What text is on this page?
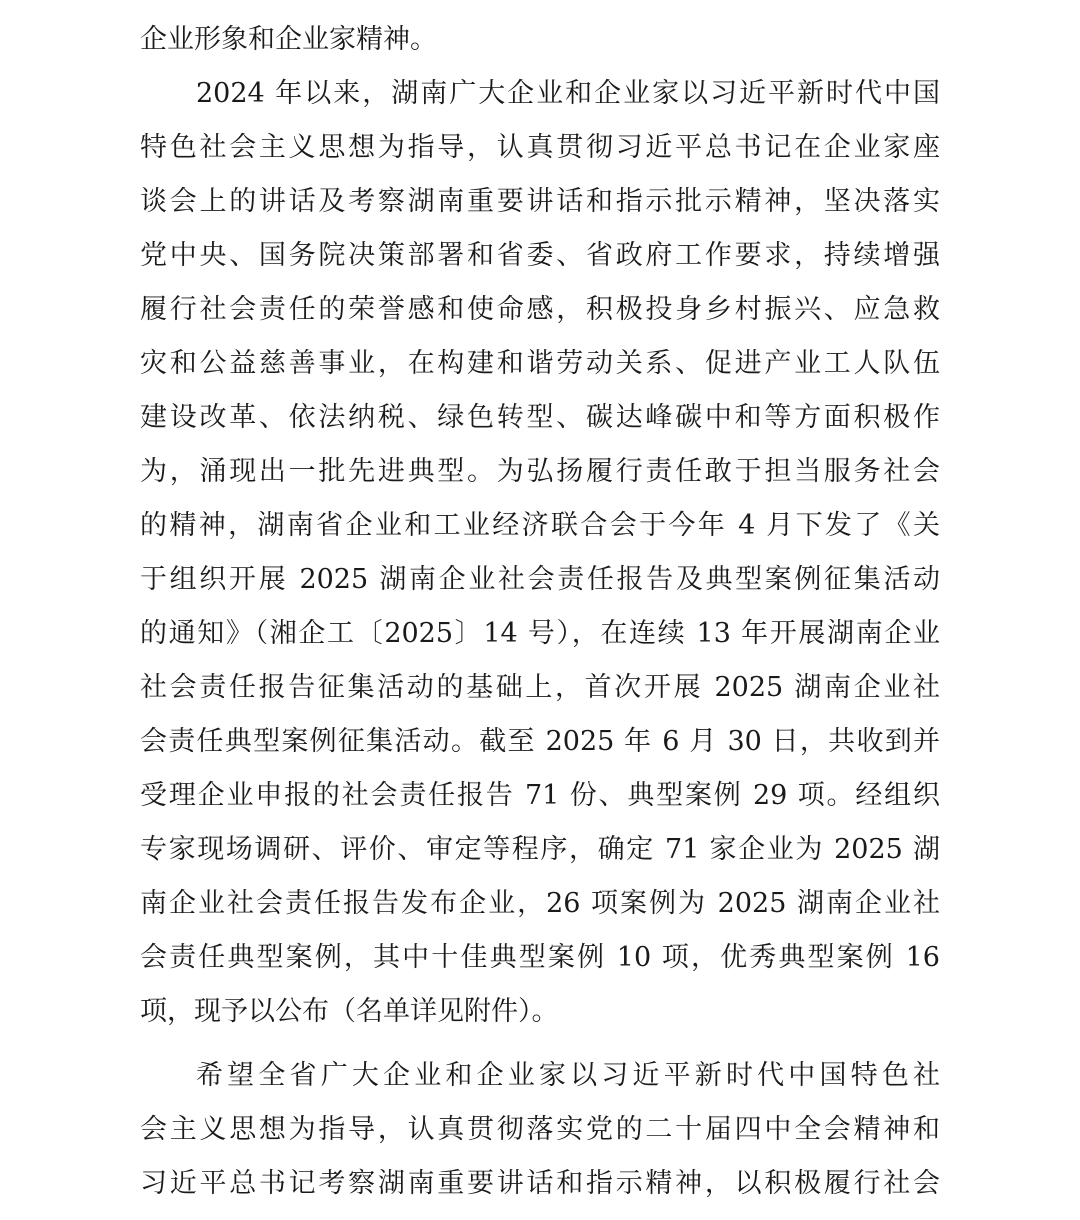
企业形象和企业家精神。
2024 年以来，湖南广大企业和企业家以习近平新时代中国
特色社会主义思想为指导，认真贯彻习近平总书记在企业家座
谈会上的讲话及考察湖南重要讲话和指示批示精神，坚决落实
党中央、国务院决策部署和省委、省政府工作要求，持续增强
履行社会责任的荣誉感和使命感，积极投身乡村振兴、应急救
灾和公益慈善事业，在构建和谐劳动关系、促进产业工人队伍
建设改革、依法纳税、绿色转型、碳达峰碳中和等方面积极作
为，涌现出一批先进典型。为弘扬履行责任敢于担当服务社会
的精神，湖南省企业和工业经济联合会于今年 4 月下发了《关
于组织开展 2025 湖南企业社会责任报告及典型案例征集活动
的通知》（湘企工〔2025〕14 号），在连续 13 年开展湖南企业
社会责任报告征集活动的基础上，首次开展 2025 湖南企业社
会责任典型案例征集活动。截至 2025 年 6 月 30 日，共收到并
受理企业申报的社会责任报告 71 份、典型案例 29 项。经组织
专家现场调研、评价、审定等程序，确定 71 家企业为 2025 湖
南企业社会责任报告发布企业，26 项案例为 2025 湖南企业社
会责任典型案例，其中十佳典型案例 10 项，优秀典型案例 16
项，现予以公布（名单详见附件）。
希望全省广大企业和企业家以习近平新时代中国特色社
会主义思想为指导，认真贯彻落实党的二十届四中全会精神和
习近平总书记考察湖南重要讲话和指示精神，以积极履行社会
